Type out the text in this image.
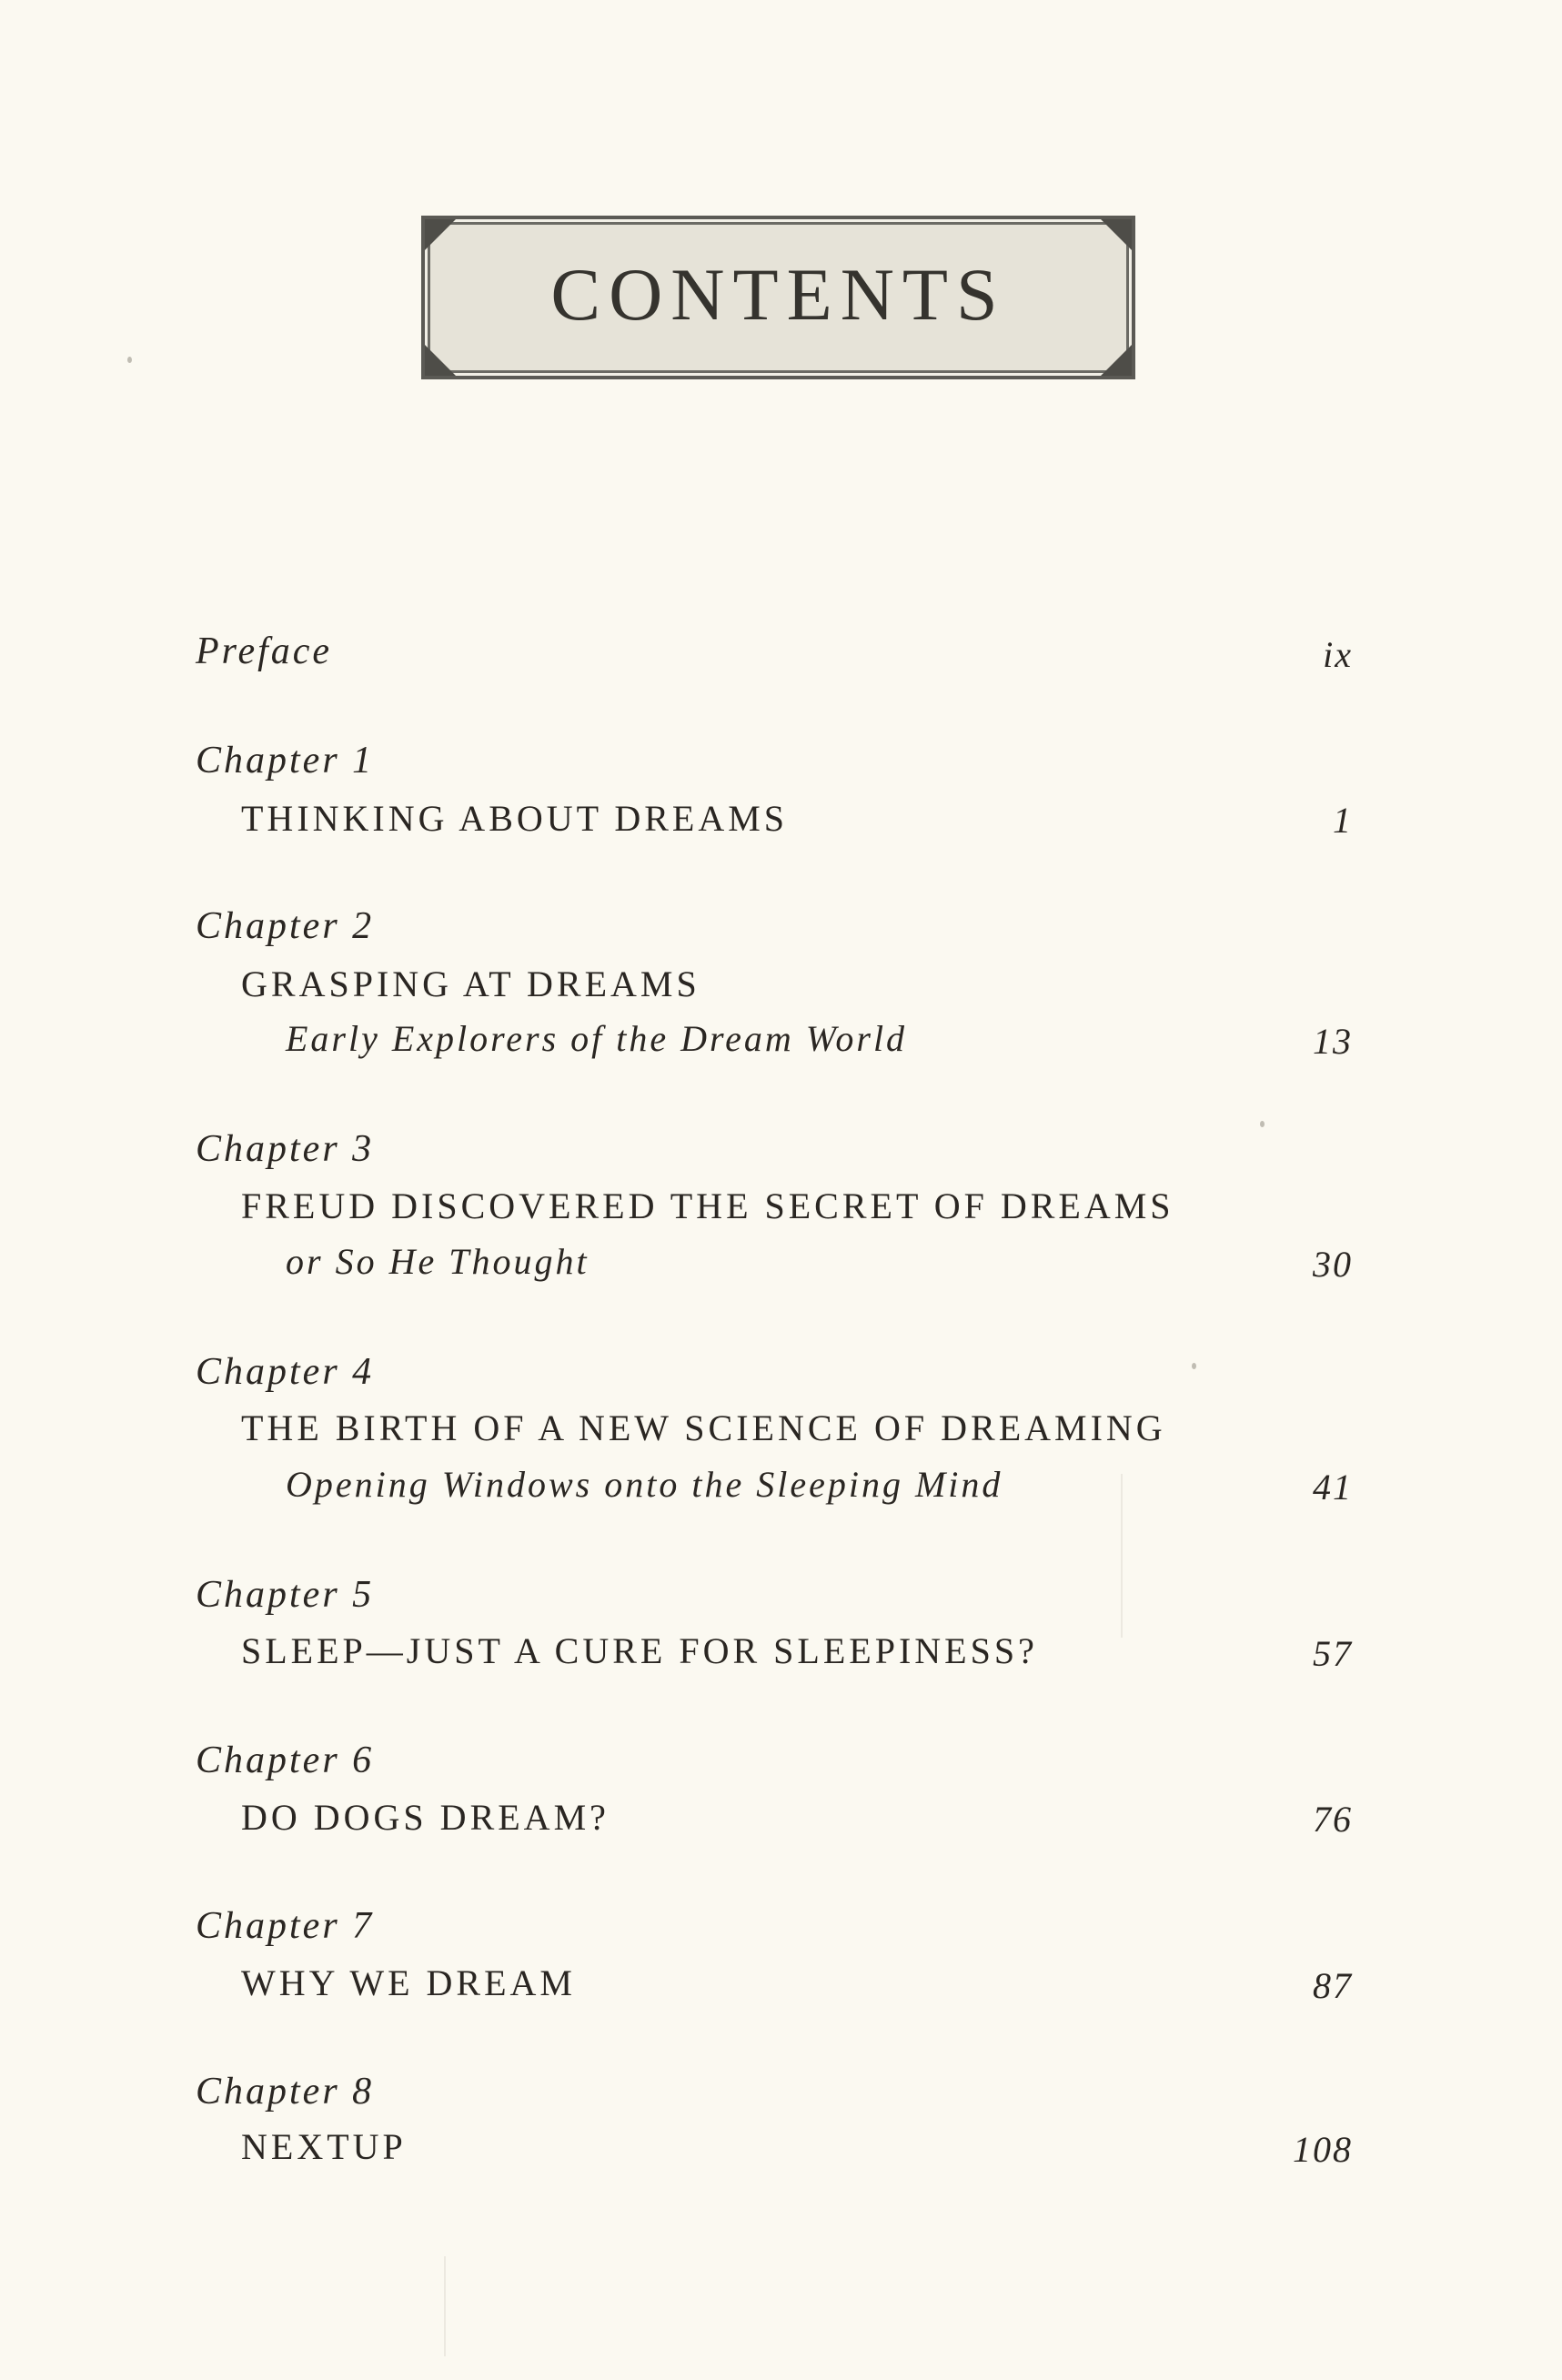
CONTENTS
Preface	ix
Chapter 1
THINKING ABOUT DREAMS	1
Chapter 2
GRASPING AT DREAMS
Early Explorers of the Dream World	13
Chapter 3
FREUD DISCOVERED THE SECRET OF DREAMS
or So He Thought	30
Chapter 4
THE BIRTH OF A NEW SCIENCE OF DREAMING
Opening Windows onto the Sleeping Mind	41
Chapter 5
SLEEP—JUST A CURE FOR SLEEPINESS?	57
Chapter 6
DO DOGS DREAM?	76
Chapter 7
WHY WE DREAM	87
Chapter 8
NEXTUP	108
